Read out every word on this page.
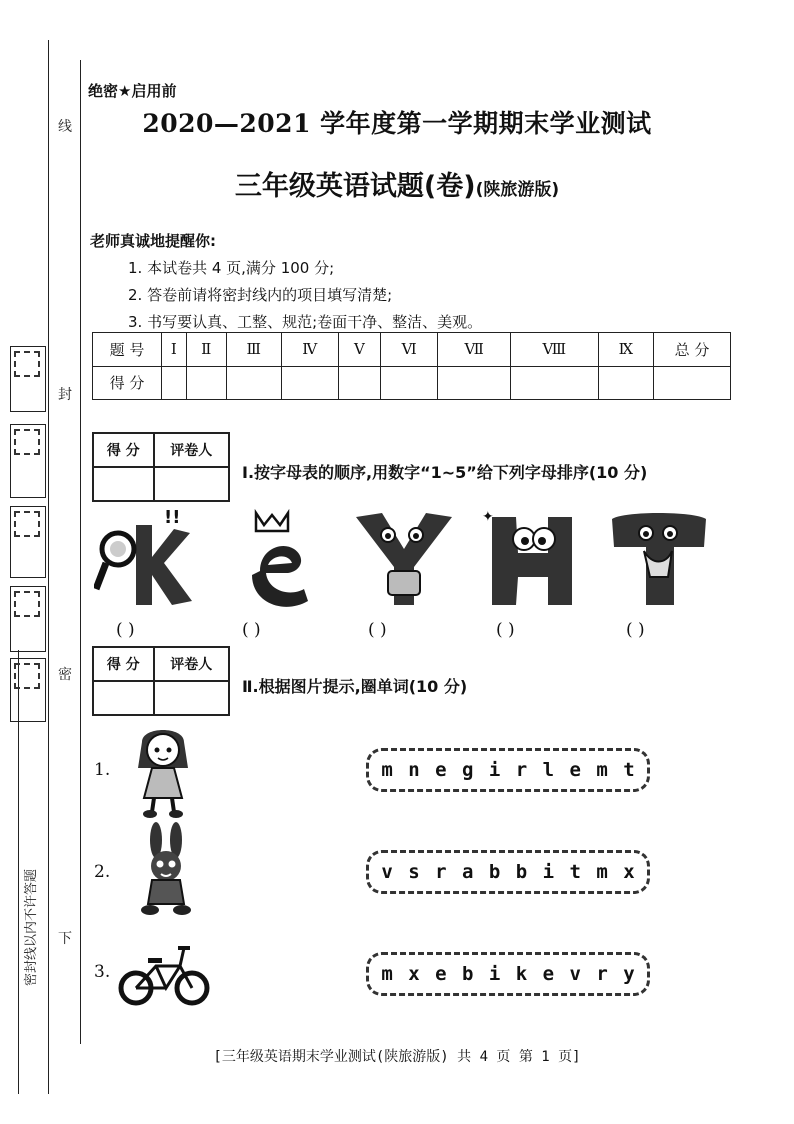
线
封
密
下
密封线以内不许答题
绝密★启用前
2020—2021 学年度第一学期期末学业测试
三年级英语试题(卷)(陕旅游版)
老师真诚地提醒你:
1. 本试卷共 4 页,满分 100 分;
2. 答卷前请将密封线内的项目填写清楚;
3. 书写要认真、工整、规范;卷面干净、整洁、美观。
题 号	Ⅰ	Ⅱ	Ⅲ	Ⅳ	Ⅴ	Ⅵ	Ⅶ	Ⅷ	Ⅸ	总 分
得 分										
得 分	评卷人

Ⅰ.按字母表的顺序,用数字“1~5”给下列字母排序(10 分)
!!	✦
( )	( )	( )	( )	( )
得 分	评卷人

Ⅱ.根据图片提示,圈单词(10 分)
1.	m n e g i r l e m t
2.	v s r a b b i t m x
3.	m x e b i k e v r y
[三年级英语期末学业测试(陕旅游版) 共 4 页 第 1 页]
